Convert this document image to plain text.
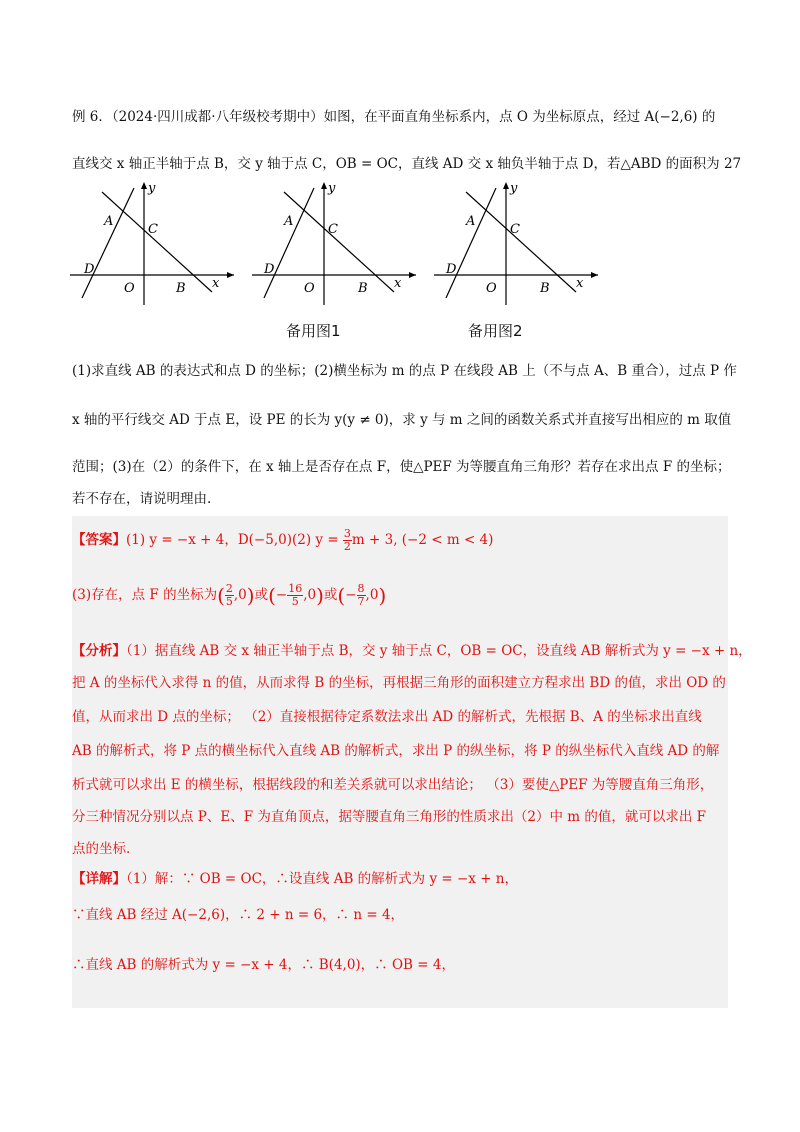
例 6．（2024·四川成都·八年级校考期中）如图，在平面直角坐标系内，点 O 为坐标原点，经过 A(−2,6) 的
直线交 x 轴正半轴于点 B，交 y 轴于点 C，OB = OC，直线 AD 交 x 轴负半轴于点 D，若△ABD 的面积为 27
A
C
D
O	B x
y
A
C
D
O	B x
y
A
C
D
O	B x
y
备用图1	备用图2
(1)求直线 AB 的表达式和点 D 的坐标；(2)横坐标为 m 的点 P 在线段 AB 上（不与点 A、B 重合），过点 P 作
x 轴的平行线交 AD 于点 E，设 PE 的长为 y(y ≠ 0)，求 y 与 m 之间的函数关系式并直接写出相应的 m 取值
范围；(3)在（2）的条件下，在 x 轴上是否存在点 F，使△PEF 为等腰直角三角形？若存在求出点 F 的坐标；
若不存在，请说明理由.
【答案】(1) y = −x + 4，D(−5,0)(2) $y = \frac{3}{2}$ m + 3, (−2 < m < 4)
(3)存在，点 F 的坐标为( $\frac{2}{5} ,0$)或(− $\frac{16}{5} ,0$)或(− $\frac{8}{7} ,0$)
【分析】（1）据直线 AB 交 x 轴正半轴于点 B，交 y 轴于点 C，OB = OC，设直线 AB 解析式为 y = −x + n，
把 A 的坐标代入求得 n 的值，从而求得 B 的坐标，再根据三角形的面积建立方程求出 BD 的值，求出 OD 的
值，从而求出 D 点的坐标； （2）直接根据待定系数法求出 AD 的解析式，先根据 B、A 的坐标求出直线
AB 的解析式，将 P 点的横坐标代入直线 AB 的解析式，求出 P 的纵坐标，将 P 的纵坐标代入直线 AD 的解
析式就可以求出 E 的横坐标，根据线段的和差关系就可以求出结论； （3）要使△PEF 为等腰直角三角形，
分三种情况分别以点 P、E、F 为直角顶点，据等腰直角三角形的性质求出（2）中 m 的值，就可以求出 F
点的坐标.
【详解】（1）解：∵ OB = OC，∴设直线 AB 的解析式为 y = −x + n，
∵直线 AB 经过 A(−2,6)，∴ 2 + n = 6，∴ n = 4，
∴直线 AB 的解析式为 y = −x + 4，∴ B(4,0)，∴ OB = 4，
